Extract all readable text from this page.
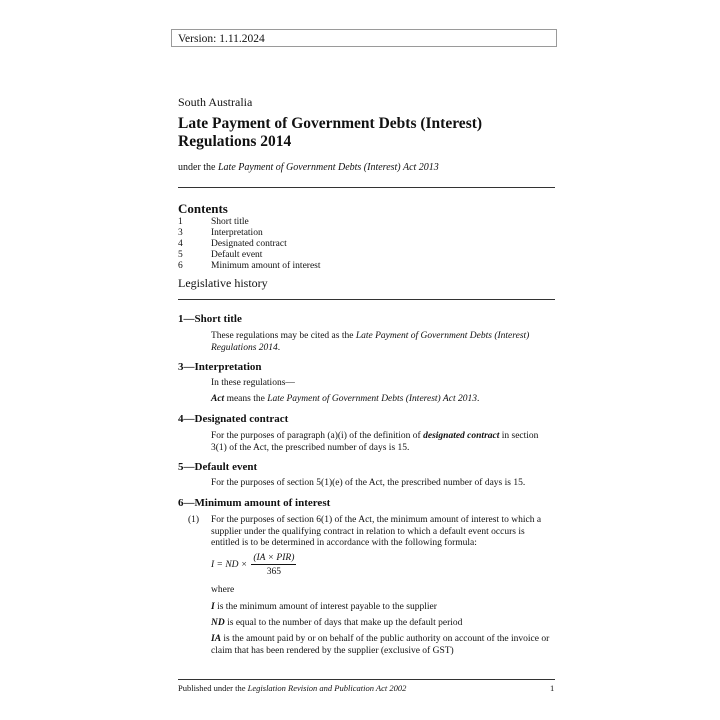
Version: 1.11.2024
South Australia
Late Payment of Government Debts (Interest)
Regulations 2014
under the Late Payment of Government Debts (Interest) Act 2013
Contents
1	Short title
3	Interpretation
4	Designated contract
5	Default event
6	Minimum amount of interest
Legislative history
1—Short title
These regulations may be cited as the Late Payment of Government Debts (Interest) Regulations 2014.
3—Interpretation
In these regulations—
Act means the Late Payment of Government Debts (Interest) Act 2013.
4—Designated contract
For the purposes of paragraph (a)(i) of the definition of designated contract in section 3(1) of the Act, the prescribed number of days is 15.
5—Default event
For the purposes of section 5(1)(e) of the Act, the prescribed number of days is 15.
6—Minimum amount of interest
(1) For the purposes of section 6(1) of the Act, the minimum amount of interest to which a supplier under the qualifying contract in relation to which a default event occurs is entitled is to be determined in accordance with the following formula:
I = ND × $\frac{\text{(IA × PIR)}}{365}$
where
I is the minimum amount of interest payable to the supplier
ND is equal to the number of days that make up the default period
IA is the amount paid by or on behalf of the public authority on account of the invoice or claim that has been rendered by the supplier (exclusive of GST)
Published under the Legislation Revision and Publication Act 2002	1
